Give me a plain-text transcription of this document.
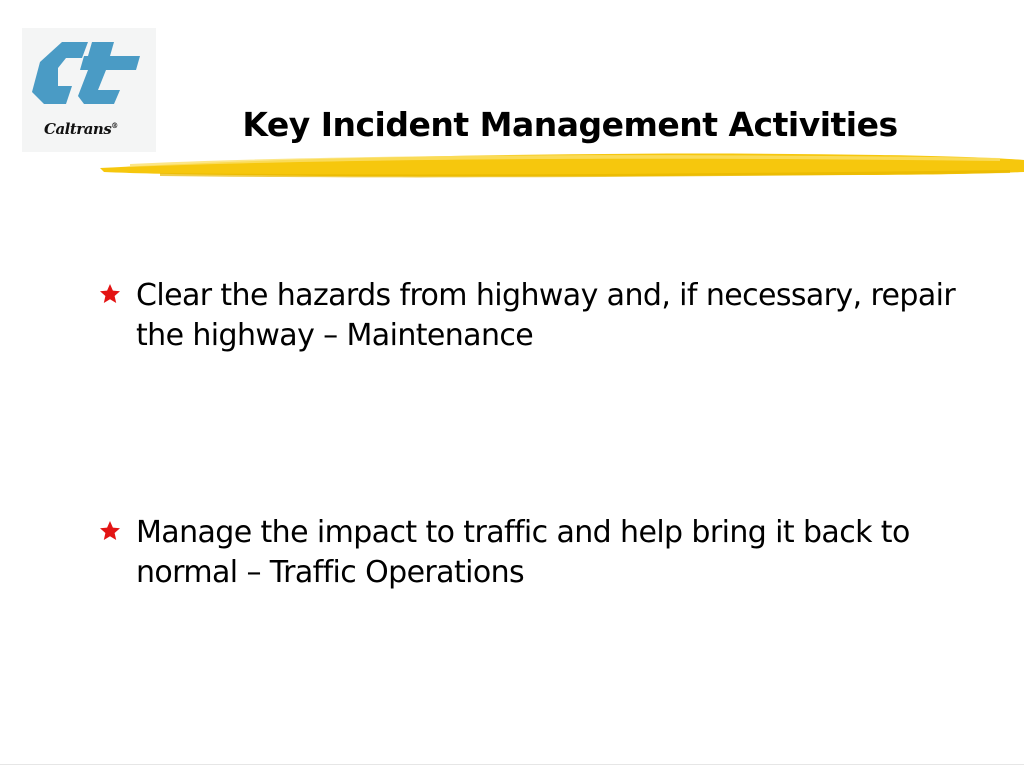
Caltrans®	Key Incident Management Activities
Clear the hazards from highway and, if necessary, repair the highway – Maintenance
Manage the impact to traffic and help bring it back to normal – Traffic Operations
